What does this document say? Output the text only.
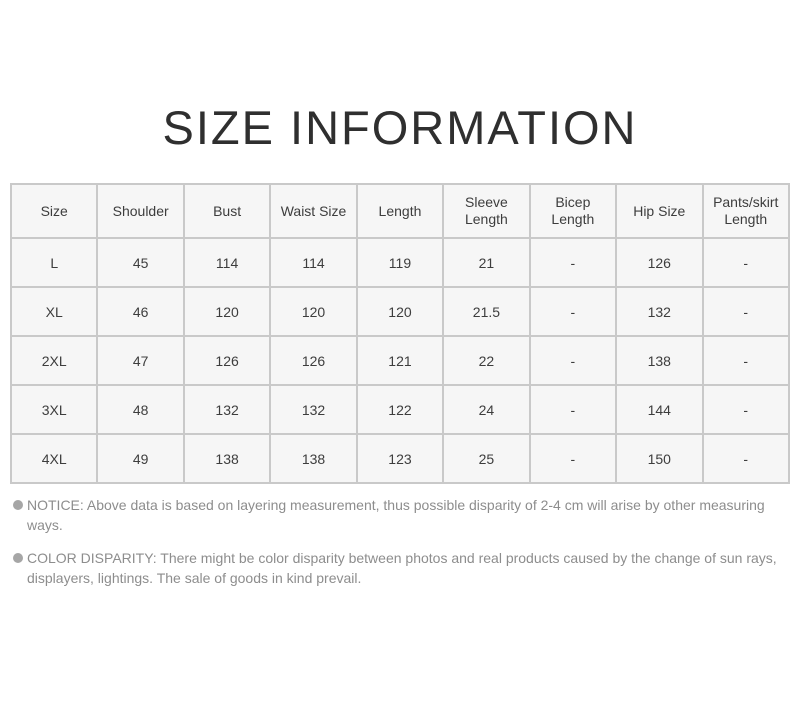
SIZE INFORMATION
Size	Shoulder	Bust	Waist Size	Length	Sleeve Length	Bicep Length	Hip Size	Pants/skirt Length
L	45	114	114	119	21	-	126	-
XL	46	120	120	120	21.5	-	132	-
2XL	47	126	126	121	22	-	138	-
3XL	48	132	132	122	24	-	144	-
4XL	49	138	138	123	25	-	150	-

NOTICE: Above data is based on layering measurement, thus possible disparity of 2-4 cm will arise by other measuring ways.

COLOR DISPARITY: There might be color disparity between photos and real products caused by the change of sun rays, displayers, lightings. The sale of goods in kind prevail.
